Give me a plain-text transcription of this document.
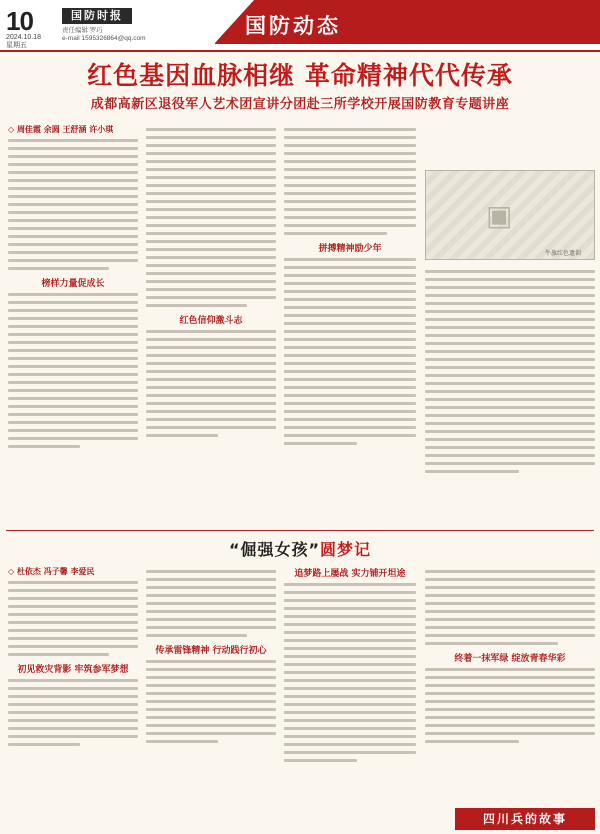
10
2024.10.18
星期五
国防时报
责任编辑 罗巧
e-mail 1595326864@qq.com
国防动态
红色基因血脉相继 革命精神代代传承
成都高新区退役军人艺术团宣讲分团赴三所学校开展国防教育专题讲座
◇ 周佳霞 余圆 王舒涵 许小琪
榜样力量促成长
红色信仰激斗志
拼搏精神励少年
▣
牛旗红色遗训
“倔强女孩”圆梦记
◇ 杜依杰 冯子馨 李爱民
初见救灾背影 牢筑参军梦想
传承雷锋精神 行动践行初心
追梦路上屡战 实力铺开坦途
终着一抹军绿 绽放青春华彩
四川兵的故事
